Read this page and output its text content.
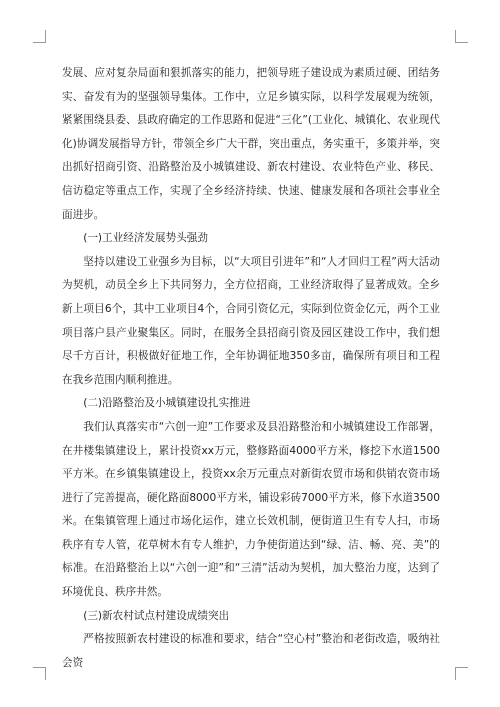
发展、应对复杂局面和狠抓落实的能力，把领导班子建设成为素质过硬、团结务实、奋发有为的坚强领导集体。工作中，立足乡镇实际，以科学发展观为统领，紧紧围绕县委、县政府确定的工作思路和促进“三化”(工业化、城镇化、农业现代化)协调发展指导方针，带领全乡广大干群，突出重点，务实重干，多策并举，突出抓好招商引资、沿路整治及小城镇建设、新农村建设、农业特色产业、移民、信访稳定等重点工作，实现了全乡经济持续、快速、健康发展和各项社会事业全面进步。

(一)工业经济发展势头强劲

坚持以建设工业强乡为目标，以“大项目引进年”和“人才回归工程”两大活动为契机，动员全乡上下共同努力，全方位招商，工业经济取得了显著成效。全乡新上项目6个，其中工业项目4个，合同引资亿元，实际到位资金亿元，两个工业项目落户县产业聚集区。同时，在服务全县招商引资及园区建设工作中，我们想尽千方百计，积极做好征地工作，全年协调征地350多亩，确保所有项目和工程在我乡范围内顺利推进。

(二)沿路整治及小城镇建设扎实推进

我们认真落实市“六创一迎”工作要求及县沿路整治和小城镇建设工作部署，在井楼集镇建设上，累计投资xx万元，整修路面4000平方米，修挖下水道1500平方米。在乡镇集镇建设上，投资xx余万元重点对新街农贸市场和供销农资市场进行了完善提高，硬化路面8000平方米，铺设彩砖7000平方米，修下水道3500米。在集镇管理上通过市场化运作，建立长效机制，便街道卫生有专人扫，市场秩序有专人管，花草树木有专人维护，力争使街道达到“绿、洁、畅、亮、美”的标准。在沿路整治上以“六创一迎”和“三清”活动为契机，加大整治力度，达到了环境优良、秩序井然。

(三)新农村试点村建设成绩突出

严格按照新农村建设的标准和要求，结合“空心村”整治和老街改造，吸纳社会资
